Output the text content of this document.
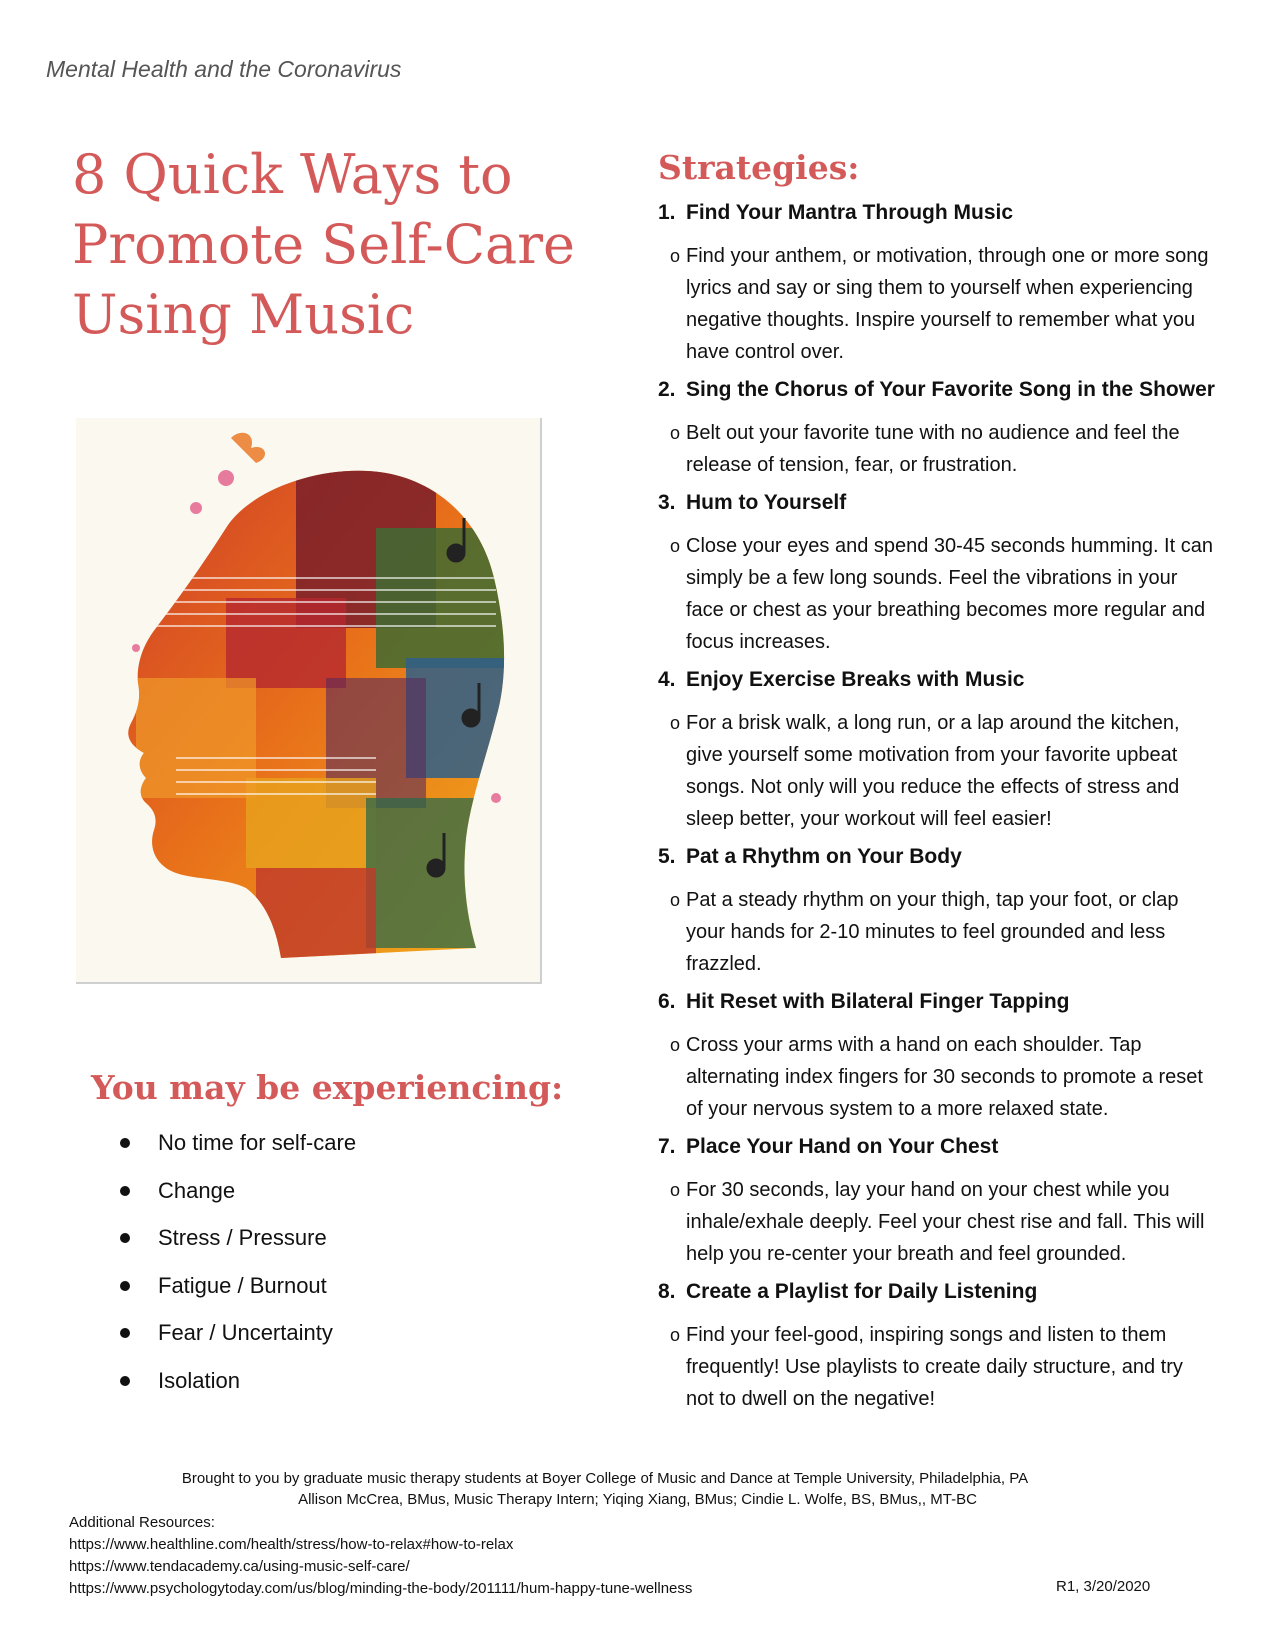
Mental Health and the Coronavirus
8 Quick Ways to
Promote Self-Care
Using Music
You may be experiencing:
No time for self-care
Change
Stress / Pressure
Fatigue / Burnout
Fear / Uncertainty
Isolation
Strategies:
1. Find Your Mantra Through Music
o Find your anthem, or motivation, through one or more song lyrics and say or sing them to yourself when experiencing negative thoughts. Inspire yourself to remember what you have control over.
2. Sing the Chorus of Your Favorite Song in the Shower
o Belt out your favorite tune with no audience and feel the release of tension, fear, or frustration.
3. Hum to Yourself
o Close your eyes and spend 30-45 seconds humming. It can simply be a few long sounds. Feel the vibrations in your face or chest as your breathing becomes more regular and focus increases.
4. Enjoy Exercise Breaks with Music
o For a brisk walk, a long run, or a lap around the kitchen, give yourself some motivation from your favorite upbeat songs. Not only will you reduce the effects of stress and sleep better, your workout will feel easier!
5. Pat a Rhythm on Your Body
o Pat a steady rhythm on your thigh, tap your foot, or clap your hands for 2-10 minutes to feel grounded and less frazzled.
6. Hit Reset with Bilateral Finger Tapping
o Cross your arms with a hand on each shoulder. Tap alternating index fingers for 30 seconds to promote a reset of your nervous system to a more relaxed state.
7. Place Your Hand on Your Chest
o For 30 seconds, lay your hand on your chest while you inhale/exhale deeply. Feel your chest rise and fall. This will help you re-center your breath and feel grounded.
8. Create a Playlist for Daily Listening
o Find your feel-good, inspiring songs and listen to them frequently! Use playlists to create daily structure, and try not to dwell on the negative!
Brought to you by graduate music therapy students at Boyer College of Music and Dance at Temple University, Philadelphia, PA
Allison McCrea, BMus, Music Therapy Intern; Yiqing Xiang, BMus; Cindie L. Wolfe, BS, BMus,, MT-BC
Additional Resources:
https://www.healthline.com/health/stress/how-to-relax#how-to-relax
https://www.tendacademy.ca/using-music-self-care/
https://www.psychologytoday.com/us/blog/minding-the-body/201111/hum-happy-tune-wellness	R1, 3/20/2020
